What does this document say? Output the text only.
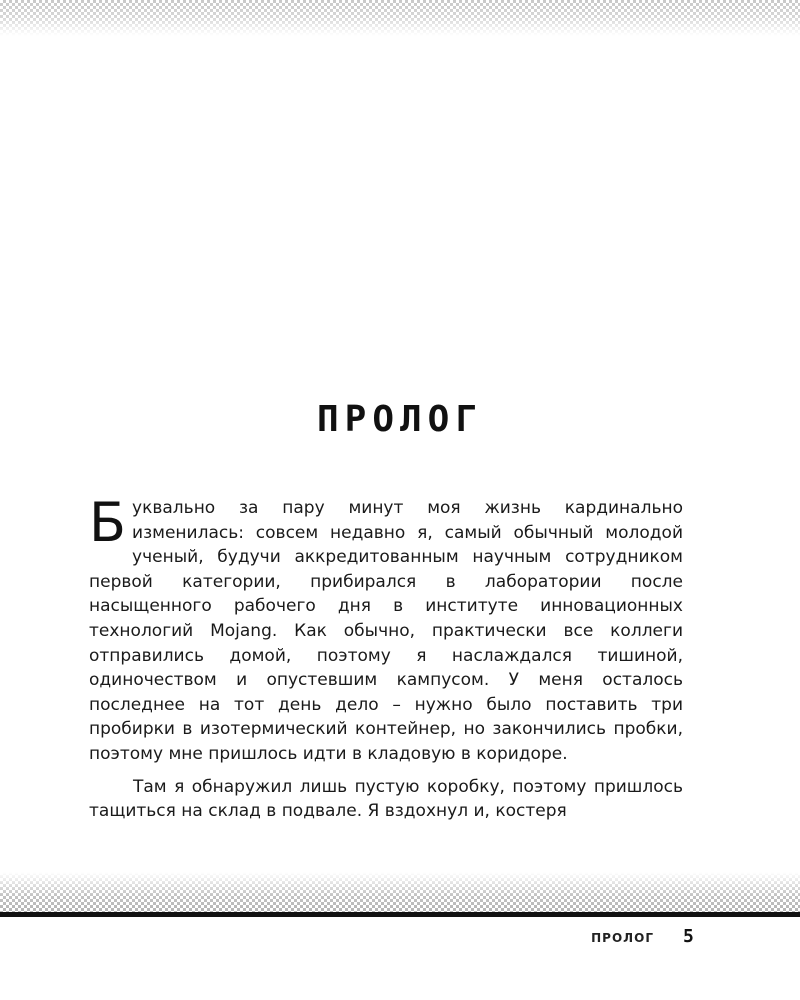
ПРОЛОГ

Буквально за пару минут моя жизнь кардинально изменилась: совсем недавно я, самый обычный молодой ученый, будучи аккредитованным научным сотрудником первой категории, прибирался в лаборатории после насыщенного рабочего дня в институте инновационных технологий Mojang. Как обычно, практически все коллеги отправились домой, поэтому я наслаждался тишиной, одиночеством и опустевшим кампусом. У меня осталось последнее на тот день дело – нужно было поставить три пробирки в изотермический контейнер, но закончились пробки, поэтому мне пришлось идти в кладовую в коридоре.

Там я обнаружил лишь пустую коробку, поэтому пришлось тащиться на склад в подвале. Я вздохнул и, костеря

ПРОЛОГ 5
